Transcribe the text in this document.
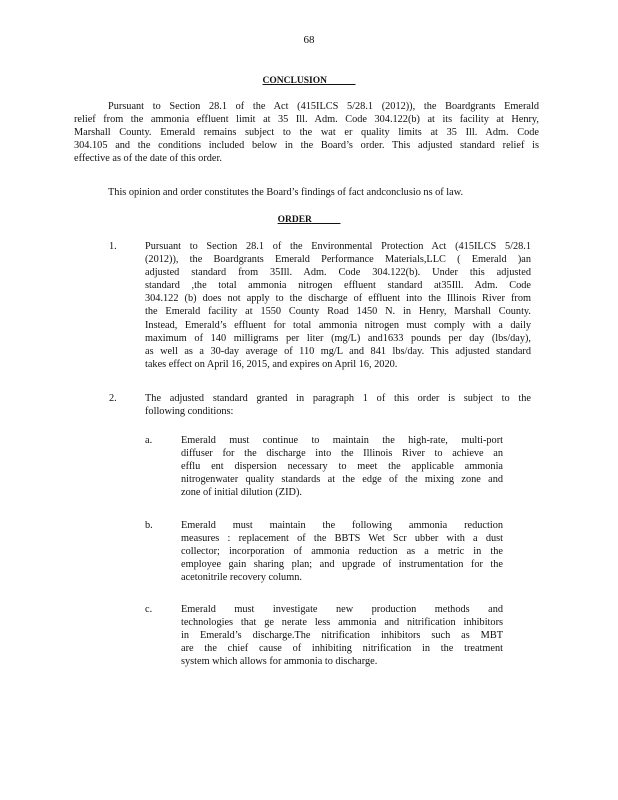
68
CONCLUSION
Pursuant to Section 28.1 of the Act (415ILCS 5/28.1 (2012)), the Boardgrants Emerald
relief from the ammonia effluent limit at 35 Ill. Adm. Code 304.122(b) at its facility at Henry,
Marshall County. Emerald remains subject to the wat er quality limits at 35 Ill. Adm. Code
304.105 and the conditions included below in the Board’s order. This adjusted standard relief is
effective as of the date of this order.
This opinion and order constitutes the Board’s findings of fact andconclusio ns of law.
ORDER
1.	Pursuant to Section 28.1 of the Environmental Protection Act (415ILCS 5/28.1
(2012)), the Boardgrants Emerald Performance Materials,LLC ( Emerald )an
adjusted standard from 35Ill. Adm. Code 304.122(b). Under this adjusted
standard ,the total ammonia nitrogen effluent standard at35Ill. Adm. Code
304.122 (b) does not apply to the discharge of effluent into the Illinois River from
the Emerald facility at 1550 County Road 1450 N. in Henry, Marshall County.
Instead, Emerald’s effluent for total ammonia nitrogen must comply with a daily
maximum of 140 milligrams per liter (mg/L) and1633 pounds per day (lbs/day),
as well as a 30-day average of 110 mg/L and 841 lbs/day. This adjusted standard
takes effect on April 16, 2015, and expires on April 16, 2020.
2.	The adjusted standard granted in paragraph 1 of this order is subject to the
following conditions:
a.	Emerald must continue to maintain the high-rate, multi-port
diffuser for the discharge into the Illinois River to achieve an
efflu ent dispersion necessary to meet the applicable ammonia
nitrogenwater quality standards at the edge of the mixing zone and
zone of initial dilution (ZID).
b.	Emerald must maintain the following ammonia reduction
measures : replacement of the BBTS Wet Scr ubber with a dust
collector; incorporation of ammonia reduction as a metric in the
employee gain sharing plan; and upgrade of instrumentation for the
acetonitrile recovery column.
c.	Emerald must investigate new production methods and
technologies that ge nerate less ammonia and nitrification inhibitors
in Emerald’s discharge.The nitrification inhibitors such as MBT
are the chief cause of inhibiting nitrification in the treatment
system which allows for ammonia to discharge.
